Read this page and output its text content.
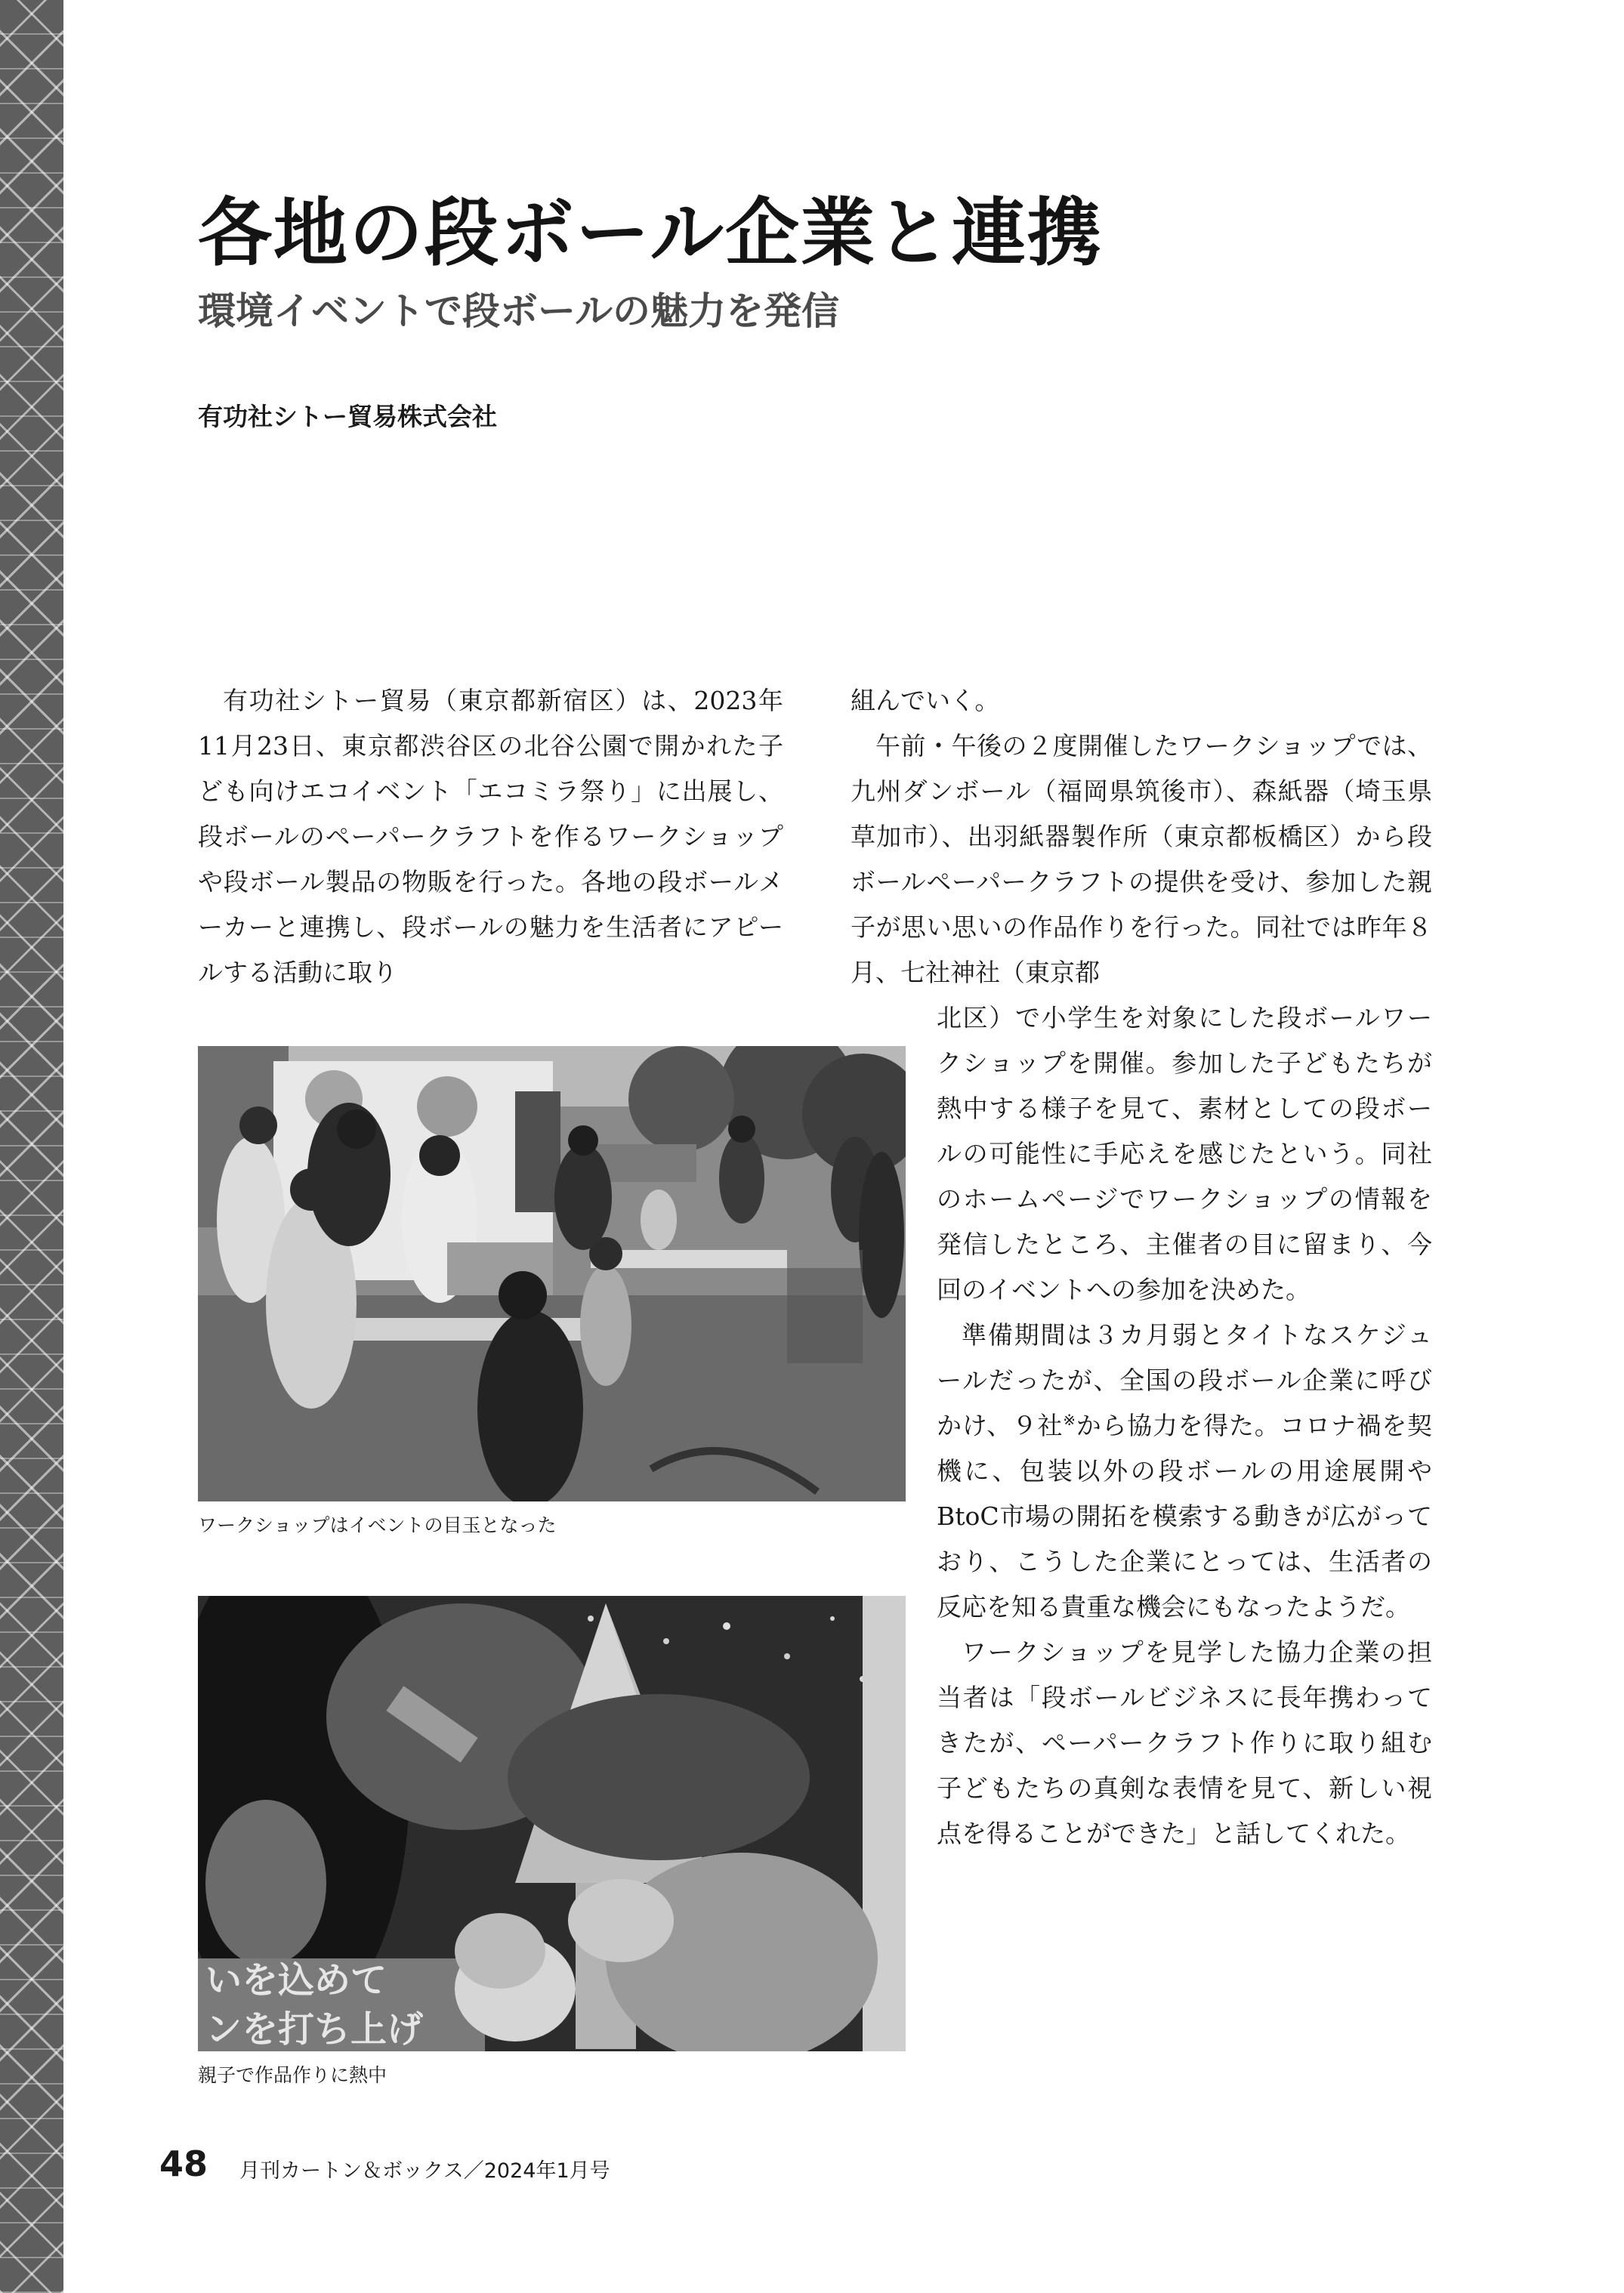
各地の段ボール企業と連携
環境イベントで段ボールの魅力を発信
有功社シトー貿易株式会社

有功社シトー貿易（東京都新宿区）は、2023年11月23日、東京都渋谷区の北谷公園で開かれた子ども向けエコイベント「エコミラ祭り」に出展し、段ボールのペーパークラフトを作るワークショップや段ボール製品の物販を行った。各地の段ボールメーカーと連携し、段ボールの魅力を生活者にアピールする活動に取り

組んでいく。

午前・午後の２度開催したワークショップでは、九州ダンボール（福岡県筑後市）、森紙器（埼玉県草加市）、出羽紙器製作所（東京都板橋区）から段ボールペーパークラフトの提供を受け、参加した親子が思い思いの作品作りを行った。同社では昨年８月、七社神社（東京都

北区）で小学生を対象にした段ボールワークショップを開催。参加した子どもたちが熱中する様子を見て、素材としての段ボールの可能性に手応えを感じたという。同社のホームページでワークショップの情報を発信したところ、主催者の目に留まり、今回のイベントへの参加を決めた。

準備期間は３カ月弱とタイトなスケジュールだったが、全国の段ボール企業に呼びかけ、９社※から協力を得た。コロナ禍を契機に、包装以外の段ボールの用途展開やBtoC市場の開拓を模索する動きが広がっており、こうした企業にとっては、生活者の反応を知る貴重な機会にもなったようだ。

ワークショップを見学した協力企業の担当者は「段ボールビジネスに長年携わってきたが、ペーパークラフト作りに取り組む子どもたちの真剣な表情を見て、新しい視点を得ることができた」と話してくれた。

ワークショップはイベントの目玉となった
いを込めて
ンを打ち上げ
親子で作品作りに熱中
48 月刊カートン＆ボックス／2024年1月号
